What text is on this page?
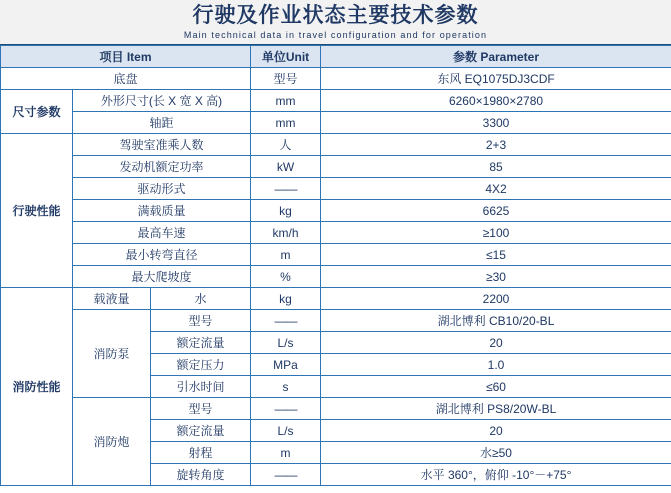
行驶及作业状态主要技术参数
Main technical data in travel configuration and for operation
项目 Item			单位Unit	参数 Parameter
底盘			型号	东风 EQ1075DJ3CDF
尺寸参数	外形尺寸(长 X 宽 X 高)		mm	6260×1980×2780
	轴距		mm	3300
行驶性能	驾驶室准乘人数		人	2+3
	发动机额定功率		kW	85
	驱动形式		——	4X2
	满载质量		kg	6625
	最高车速		km/h	≥100
	最小转弯直径		m	≤15
	最大爬坡度		%	≥30
消防性能	载液量	水	kg	2200
	消防泵	型号	——	湖北博利 CB10/20-BL
		额定流量	L/s	20
		额定压力	MPa	1.0
		引水时间	s	≤60
	消防炮	型号	——	湖北博利 PS8/20W-BL
		额定流量	L/s	20
		射程	m	水≥50
		旋转角度	——	水平 360°，俯仰 -10°－+75°
